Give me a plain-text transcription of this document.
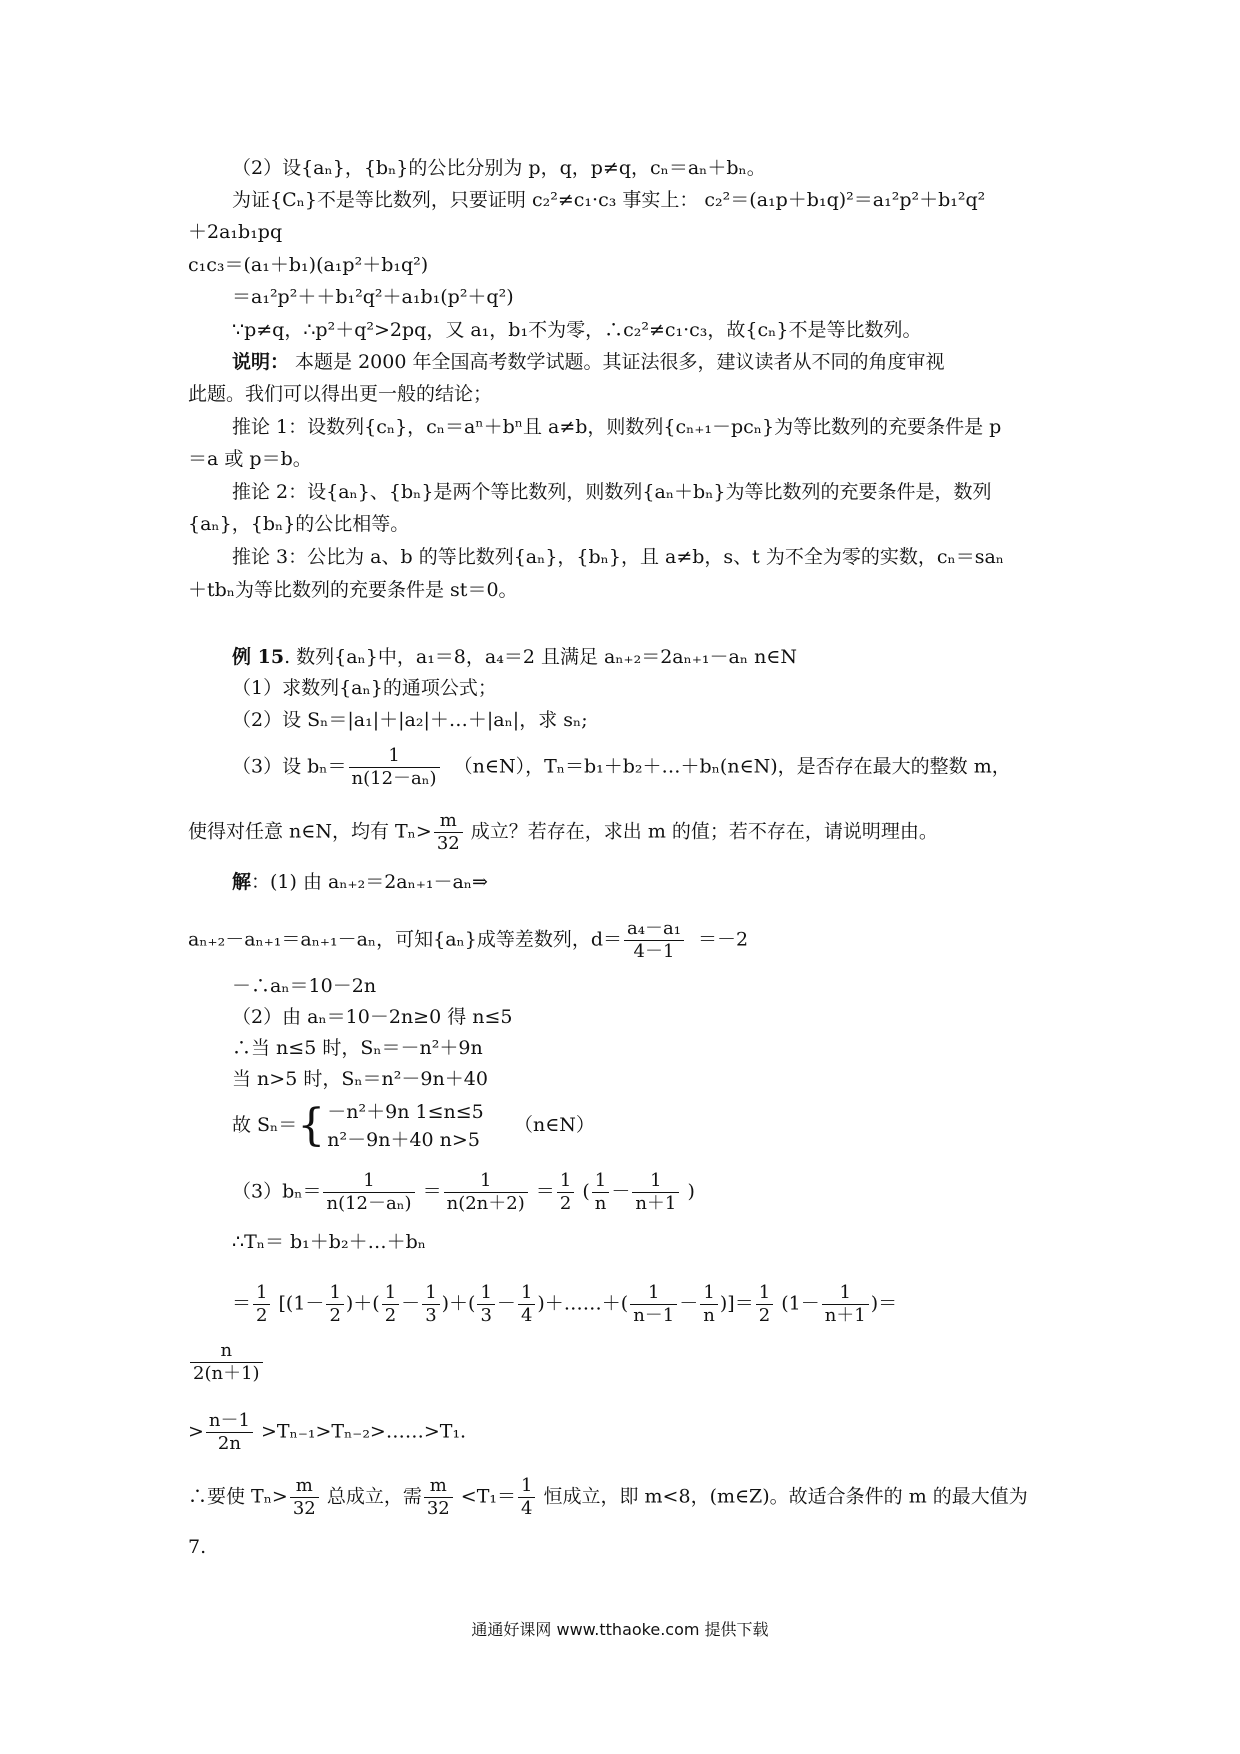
（2）设{aₙ}，{bₙ}的公比分别为 p，q，p≠q，cₙ＝aₙ＋bₙ。
为证{Cₙ}不是等比数列，只要证明 c₂²≠c₁·c₃ 事实上： c₂²＝(a₁p＋b₁q)²＝a₁²p²＋b₁²q²
＋2a₁b₁pq
c₁c₃＝(a₁＋b₁)(a₁p²＋b₁q²)
＝a₁²p²＋＋b₁²q²＋a₁b₁(p²＋q²)
∵p≠q，∴p²＋q²>2pq，又 a₁，b₁不为零，∴c₂²≠c₁·c₃，故{cₙ}不是等比数列。
说明： 本题是 2000 年全国高考数学试题。其证法很多，建议读者从不同的角度审视
此题。我们可以得出更一般的结论；
推论 1：设数列{cₙ}，cₙ＝aⁿ＋bⁿ且 a≠b，则数列{cₙ₊₁－pcₙ}为等比数列的充要条件是 p
＝a 或 p＝b。
推论 2：设{aₙ}、{bₙ}是两个等比数列，则数列{aₙ＋bₙ}为等比数列的充要条件是，数列
{aₙ}，{bₙ}的公比相等。
推论 3：公比为 a、b 的等比数列{aₙ}，{bₙ}，且 a≠b，s、t 为不全为零的实数，cₙ＝saₙ
＋tbₙ为等比数列的充要条件是 st＝0。
例 15. 数列{aₙ}中，a₁＝8，a₄＝2 且满足 aₙ₊₂＝2aₙ₊₁－aₙ n∈N
（1）求数列{aₙ}的通项公式；
（2）设 Sₙ＝|a₁|＋|a₂|＋…＋|aₙ|，求 sₙ;
（3）设 $b_n= \frac{1}{\text{n(12－aₙ)}}$ （n∈N），Tₙ＝b₁＋b₂＋…＋bₙ(n∈N)，是否存在最大的整数 m，
使得对任意 n∈N，均有 $T_n> \frac{m}{32}$ 成立？若存在，求出 m 的值；若不存在，请说明理由。
解：(1) 由 aₙ₊₂＝2aₙ₊₁－aₙ⇒
aₙ₊₂－aₙ₊₁＝aₙ₊₁－aₙ，可知{aₙ}成等差数列，$d= \frac{\text{a₄－a₁}}{4-1} =-2$
－∴aₙ＝10－2n
（2）由 aₙ＝10－2n≥0 得 n≤5
∴当 n≤5 时，Sₙ＝－n²＋9n
当 n>5 时，Sₙ＝n²－9n＋40
故 Sₙ＝{ －n²＋9n 1≤n≤5
n²－9n＋40 n>5
（n∈N）
$(3)b_n= \frac{1}{\text{n(12－aₙ)}} = \frac{1}{n(2n+2)} = \frac{1}{2}$ ( $\frac{1}{n} - \frac{1}{n+1}$ )
∴Tₙ＝ b₁＋b₂＋…＋bₙ
＝ $\frac{1}{2} [(1- \frac{1}{2}$ )＋( $\frac{1}{2} - \frac{1}{3}$ )＋( $\frac{1}{3} - \frac{1}{4}$ )＋……＋( $\frac{1}{n-1} - \frac{1}{n}$ )]＝ $\frac{1}{2} (1- \frac{1}{n+1}$ )＝
$\frac{n}{2(n+1)}$
> $\frac{n-1}{2n}$ >Tₙ₋₁>Tₙ₋₂>……>T₁.
∴要使 $T_n> \frac{m}{32}$ 总成立，需 $\frac{m}{32} <T_1= \frac{1}{4}$ 恒成立，即 m<8，(m∈Z)。故适合条件的 m 的最大值为
7.
通通好课网 www.tthaoke.com 提供下载
